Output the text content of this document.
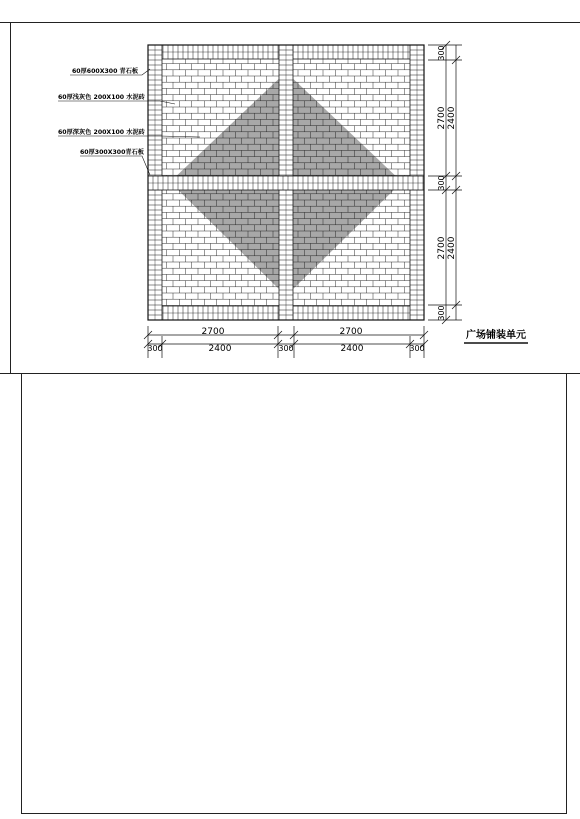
2700	2700
300	2400	300	2400	300
300
2700 2400
300
2700 2400
300
60厚600X300 青石板
60厚浅灰色 200X100 水泥砖
60厚深灰色 200X100 水泥砖
60厚300X300青石板
广场铺装单元
